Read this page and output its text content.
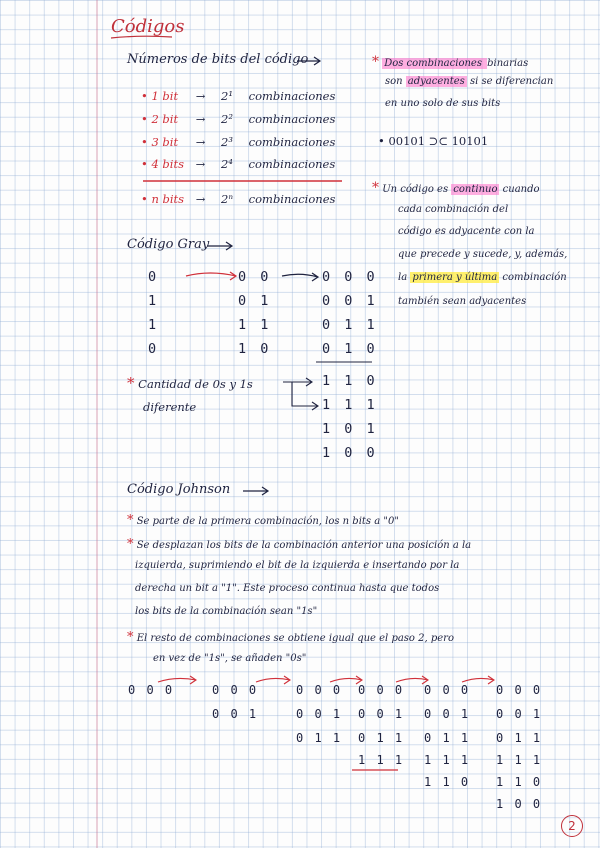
Códigos
Números de bits del código
• 1 bit → 2¹ combinaciones
• 2 bit → 2² combinaciones
• 3 bit → 2³ combinaciones
• 4 bits → 2⁴ combinaciones
• n bits → 2ⁿ combinaciones
* Dos combinaciones binarias
son adyacentes si se diferencian
en uno solo de sus bits
• 00101 ⊃⊂ 10101
* Un código es continuo cuando
cada combinación del
código es adyacente con la
que precede y sucede, y, además,
la primera y última combinación
también sean adyacentes
Código Gray
0
1
1
0
0 0
0 1
1 1
1 0
0 0 0
0 0 1
0 1 1
0 1 0
1 1 0
1 1 1
1 0 1
1 0 0
* Cantidad de 0s y 1s
diferente
Código Johnson
* Se parte de la primera combinación, los n bits a "0"
* Se desplazan los bits de la combinación anterior una posición a la
izquierda, suprimiendo el bit de la izquierda e insertando por la
derecha un bit a "1". Este proceso continua hasta que todos
los bits de la combinación sean "1s"
* El resto de combinaciones se obtiene igual que el paso 2, pero
en vez de "1s", se añaden "0s"
0 0 0	0 0 0
0 0 1
0 0 0
0 0 1
0 1 1
0 0 0
0 0 1
0 1 1
1 1 1
0 0 0
0 0 1
0 1 1
1 1 1
1 1 0
0 0 0
0 0 1
0 1 1
1 1 1
1 1 0
1 0 0
2
